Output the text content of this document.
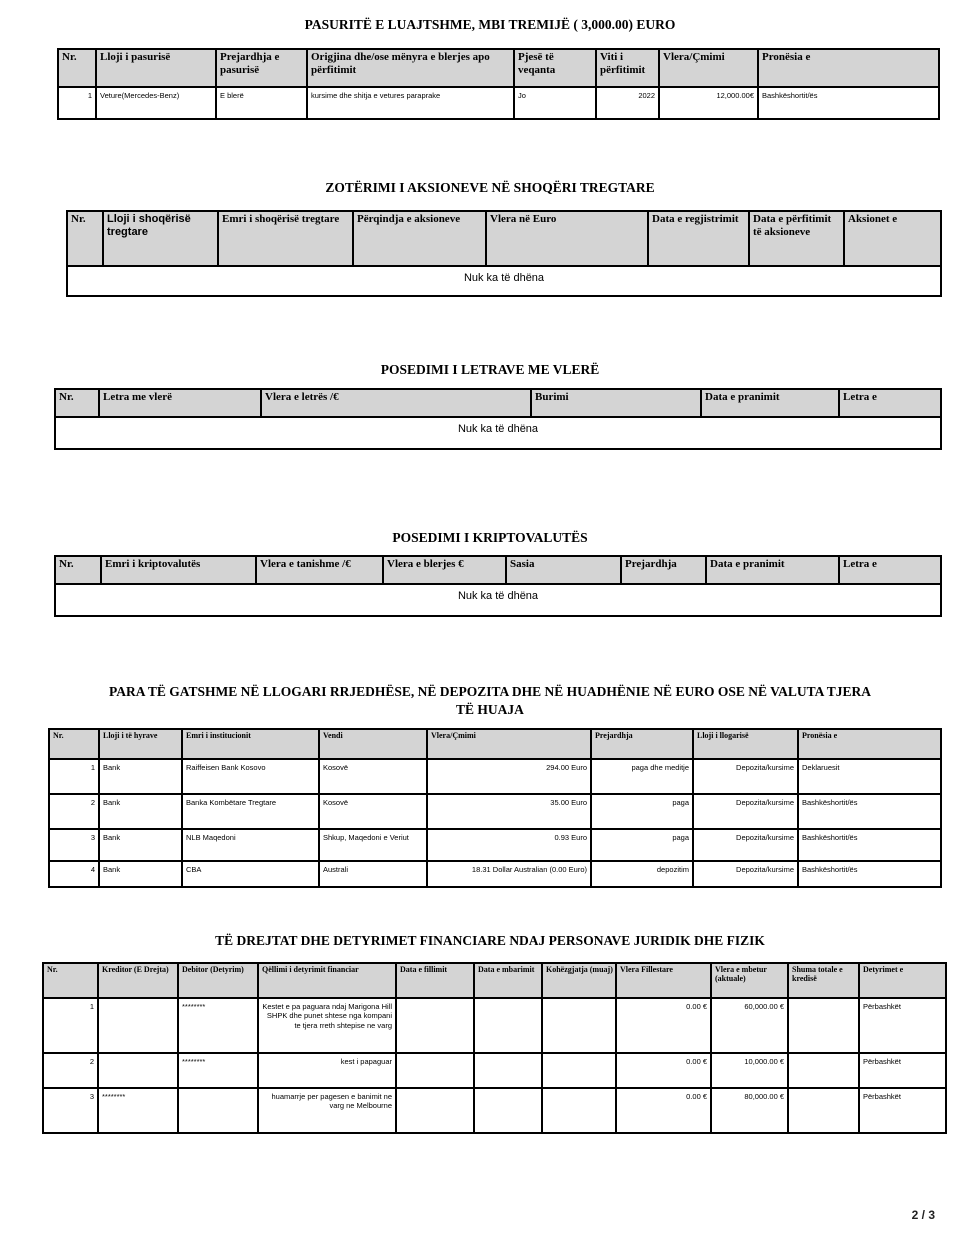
PASURITË E LUAJTSHME, MBI TREMIJË ( 3,000.00) EURO
Nr.	Lloji i pasurisë	Prejardhja e pasurisë	Origjina dhe/ose mënyra e blerjes apo përfitimit	Pjesë të veqanta	Viti i përfitimit	Vlera/Çmimi	Pronësia e
1	Veture(Mercedes-Benz)	E blerë	kursime dhe shitja e vetures paraprake	Jo	2022	12,000.00€	Bashkëshortit/ës
ZOTËRIMI I AKSIONEVE NË SHOQËRI TREGTARE
Nr.	Lloji i shoqërisë tregtare	Emri i shoqërisë tregtare	Përqindja e aksioneve	Vlera në Euro	Data e regjistrimit	Data e përfitimit të aksioneve	Aksionet e
Nuk ka të dhëna
POSEDIMI I LETRAVE ME VLERË
Nr.	Letra me vlerë	Vlera e letrës /€	Burimi	Data e pranimit	Letra e
Nuk ka të dhëna
POSEDIMI I KRIPTOVALUTËS
Nr.	Emri i kriptovalutës	Vlera e tanishme /€	Vlera e blerjes €	Sasia	Prejardhja	Data e pranimit	Letra e
Nuk ka të dhëna
PARA TË GATSHME NË LLOGARI RRJEDHËSE, NË DEPOZITA DHE NË HUADHËNIE NË EURO OSE NË VALUTA TJERA TË HUAJA
Nr.	Lloji i të hyrave	Emri i institucionit	Vendi	Vlera/Çmimi	Prejardhja	Lloji i llogarisë	Pronësia e
1	Bank	Raiffeisen Bank Kosovo	Kosovë	294.00 Euro	paga dhe meditje	Depozita/kursime	Deklaruesit
2	Bank	Banka Kombëtare Tregtare	Kosovë	35.00 Euro	paga	Depozita/kursime	Bashkëshortit/ës
3	Bank	NLB Maqedoni	Shkup, Maqedoni e Veriut	0.93 Euro	paga	Depozita/kursime	Bashkëshortit/ës
4	Bank	CBA	Australi	18.31 Dollar Australian (0.00 Euro)	depozitim	Depozita/kursime	Bashkëshortit/ës
TË DREJTAT DHE DETYRIMET FINANCIARE NDAJ PERSONAVE JURIDIK DHE FIZIK
Nr.	Kreditor (E Drejta)	Debitor (Detyrim)	Qëllimi i detyrimit financiar	Data e fillimit	Data e mbarimit	Kohëzgjatja (muaj)	Vlera Fillestare	Vlera e mbetur (aktuale)	Shuma totale e kredisë	Detyrimet e
1		********	Kestet e pa paguara ndaj Marigona Hill SHPK dhe punet shtese nga kompani te tjera rreth shtepise ne varg				0.00 €	60,000.00 €		Përbashkët
2		********	kest i papaguar				0.00 €	10,000.00 €		Përbashkët
3	********		huamarrje per pagesen e banimit ne varg ne Melbourne				0.00 €	80,000.00 €		Përbashkët
2 / 3
